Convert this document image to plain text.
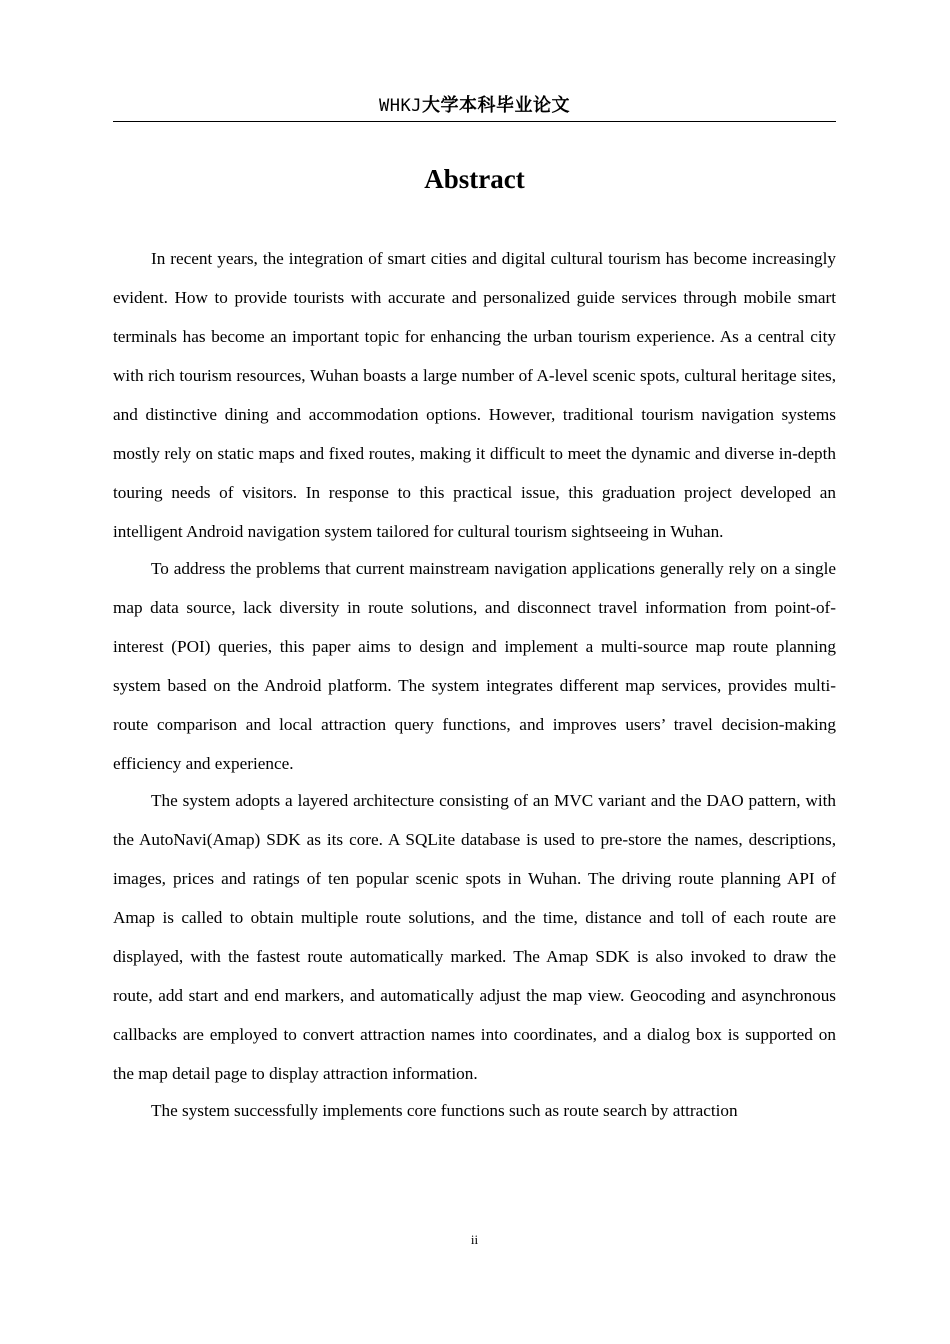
WHKJ大学本科毕业论文
Abstract

In recent years, the integration of smart cities and digital cultural tourism has become increasingly evident. How to provide tourists with accurate and personalized guide services through mobile smart terminals has become an important topic for enhancing the urban tourism experience. As a central city with rich tourism resources, Wuhan boasts a large number of A-level scenic spots, cultural heritage sites, and distinctive dining and accommodation options. However, traditional tourism navigation systems mostly rely on static maps and fixed routes, making it difficult to meet the dynamic and diverse in-depth touring needs of visitors. In response to this practical issue, this graduation project developed an intelligent Android navigation system tailored for cultural tourism sightseeing in Wuhan.

To address the problems that current mainstream navigation applications generally rely on a single map data source, lack diversity in route solutions, and disconnect travel information from point-of-interest (POI) queries, this paper aims to design and implement a multi-source map route planning system based on the Android platform. The system integrates different map services, provides multi-route comparison and local attraction query functions, and improves users’ travel decision-making efficiency and experience.

The system adopts a layered architecture consisting of an MVC variant and the DAO pattern, with the AutoNavi(Amap) SDK as its core. A SQLite database is used to pre-store the names, descriptions, images, prices and ratings of ten popular scenic spots in Wuhan. The driving route planning API of Amap is called to obtain multiple route solutions, and the time, distance and toll of each route are displayed, with the fastest route automatically marked. The Amap SDK is also invoked to draw the route, add start and end markers, and automatically adjust the map view. Geocoding and asynchronous callbacks are employed to convert attraction names into coordinates, and a dialog box is supported on the map detail page to display attraction information.

The system successfully implements core functions such as route search by attraction

ii
